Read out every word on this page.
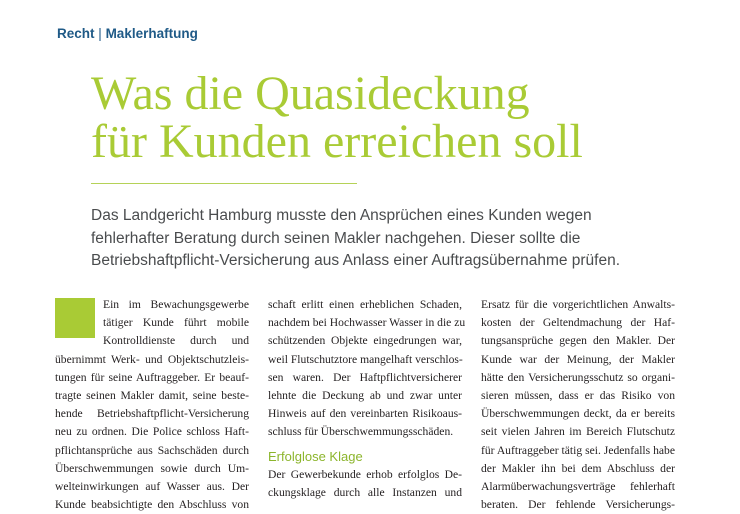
Recht | Maklerhaftung
Was die Quasideckung
für Kunden erreichen soll

Das Landgericht Hamburg musste den Ansprüchen eines Kunden wegen
fehlerhafter Beratung durch seinen Makler nachgehen. Dieser sollte die
Betriebshaftpflicht-Versicherung aus Anlass einer Auftragsübernahme prüfen.

Ein im Bewachungsgewerbe
tätiger Kunde führt mobile
Kontrolldienste durch und
übernimmt Werk- und Objektschutzleis-
tungen für seine Auftraggeber. Er beauf-
tragte seinen Makler damit, seine beste-
hende Betriebshaftpflicht-Versicherung
neu zu ordnen. Die Police schloss Haft-
pflichtansprüche aus Sachschäden durch
Überschwemmungen sowie durch Um-
welteinwirkungen auf Wasser aus. Der
Kunde beabsichtigte den Abschluss von
schaft erlitt einen erheblichen Schaden,
nachdem bei Hochwasser Wasser in die zu
schützenden Objekte eingedrungen war,
weil Flutschutztore mangelhaft verschlos-
sen waren. Der Haftpflichtversicherer
lehnte die Deckung ab und zwar unter
Hinweis auf den vereinbarten Risikoaus-
schluss für Überschwemmungsschäden.
Erfolglose Klage
Der Gewerbekunde erhob erfolglos De-
ckungsklage durch alle Instanzen und
Ersatz für die vorgerichtlichen Anwalts-
kosten der Geltendmachung der Haf-
tungsansprüche gegen den Makler. Der
Kunde war der Meinung, der Makler
hätte den Versicherungsschutz so organi-
sieren müssen, dass er das Risiko von
Überschwemmungen deckt, da er bereits
seit vielen Jahren im Bereich Flutschutz
für Auftraggeber tätig sei. Jedenfalls habe
der Makler ihn bei dem Abschluss der
Alarmüberwachungsverträge fehlerhaft
beraten. Der fehlende Versicherungs-
